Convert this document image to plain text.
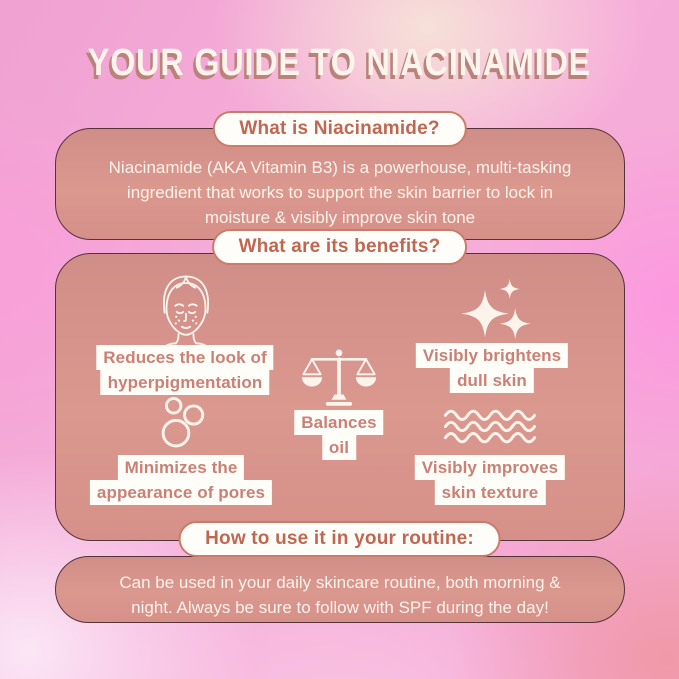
YOUR GUIDE TO NIACINAMIDE
What is Niacinamide?

Niacinamide (AKA Vitamin B3) is a powerhouse, multi-tasking

ingredient that works to support the skin barrier to lock in

moisture & visibly improve skin tone

What are its benefits?
Reduces the look of
hyperpigmentation
Visibly brightens
dull skin
Balances
oil
Minimizes the
appearance of pores
Visibly improves
skin texture
How to use it in your routine:

Can be used in your daily skincare routine, both morning &

night. Always be sure to follow with SPF during the day!
